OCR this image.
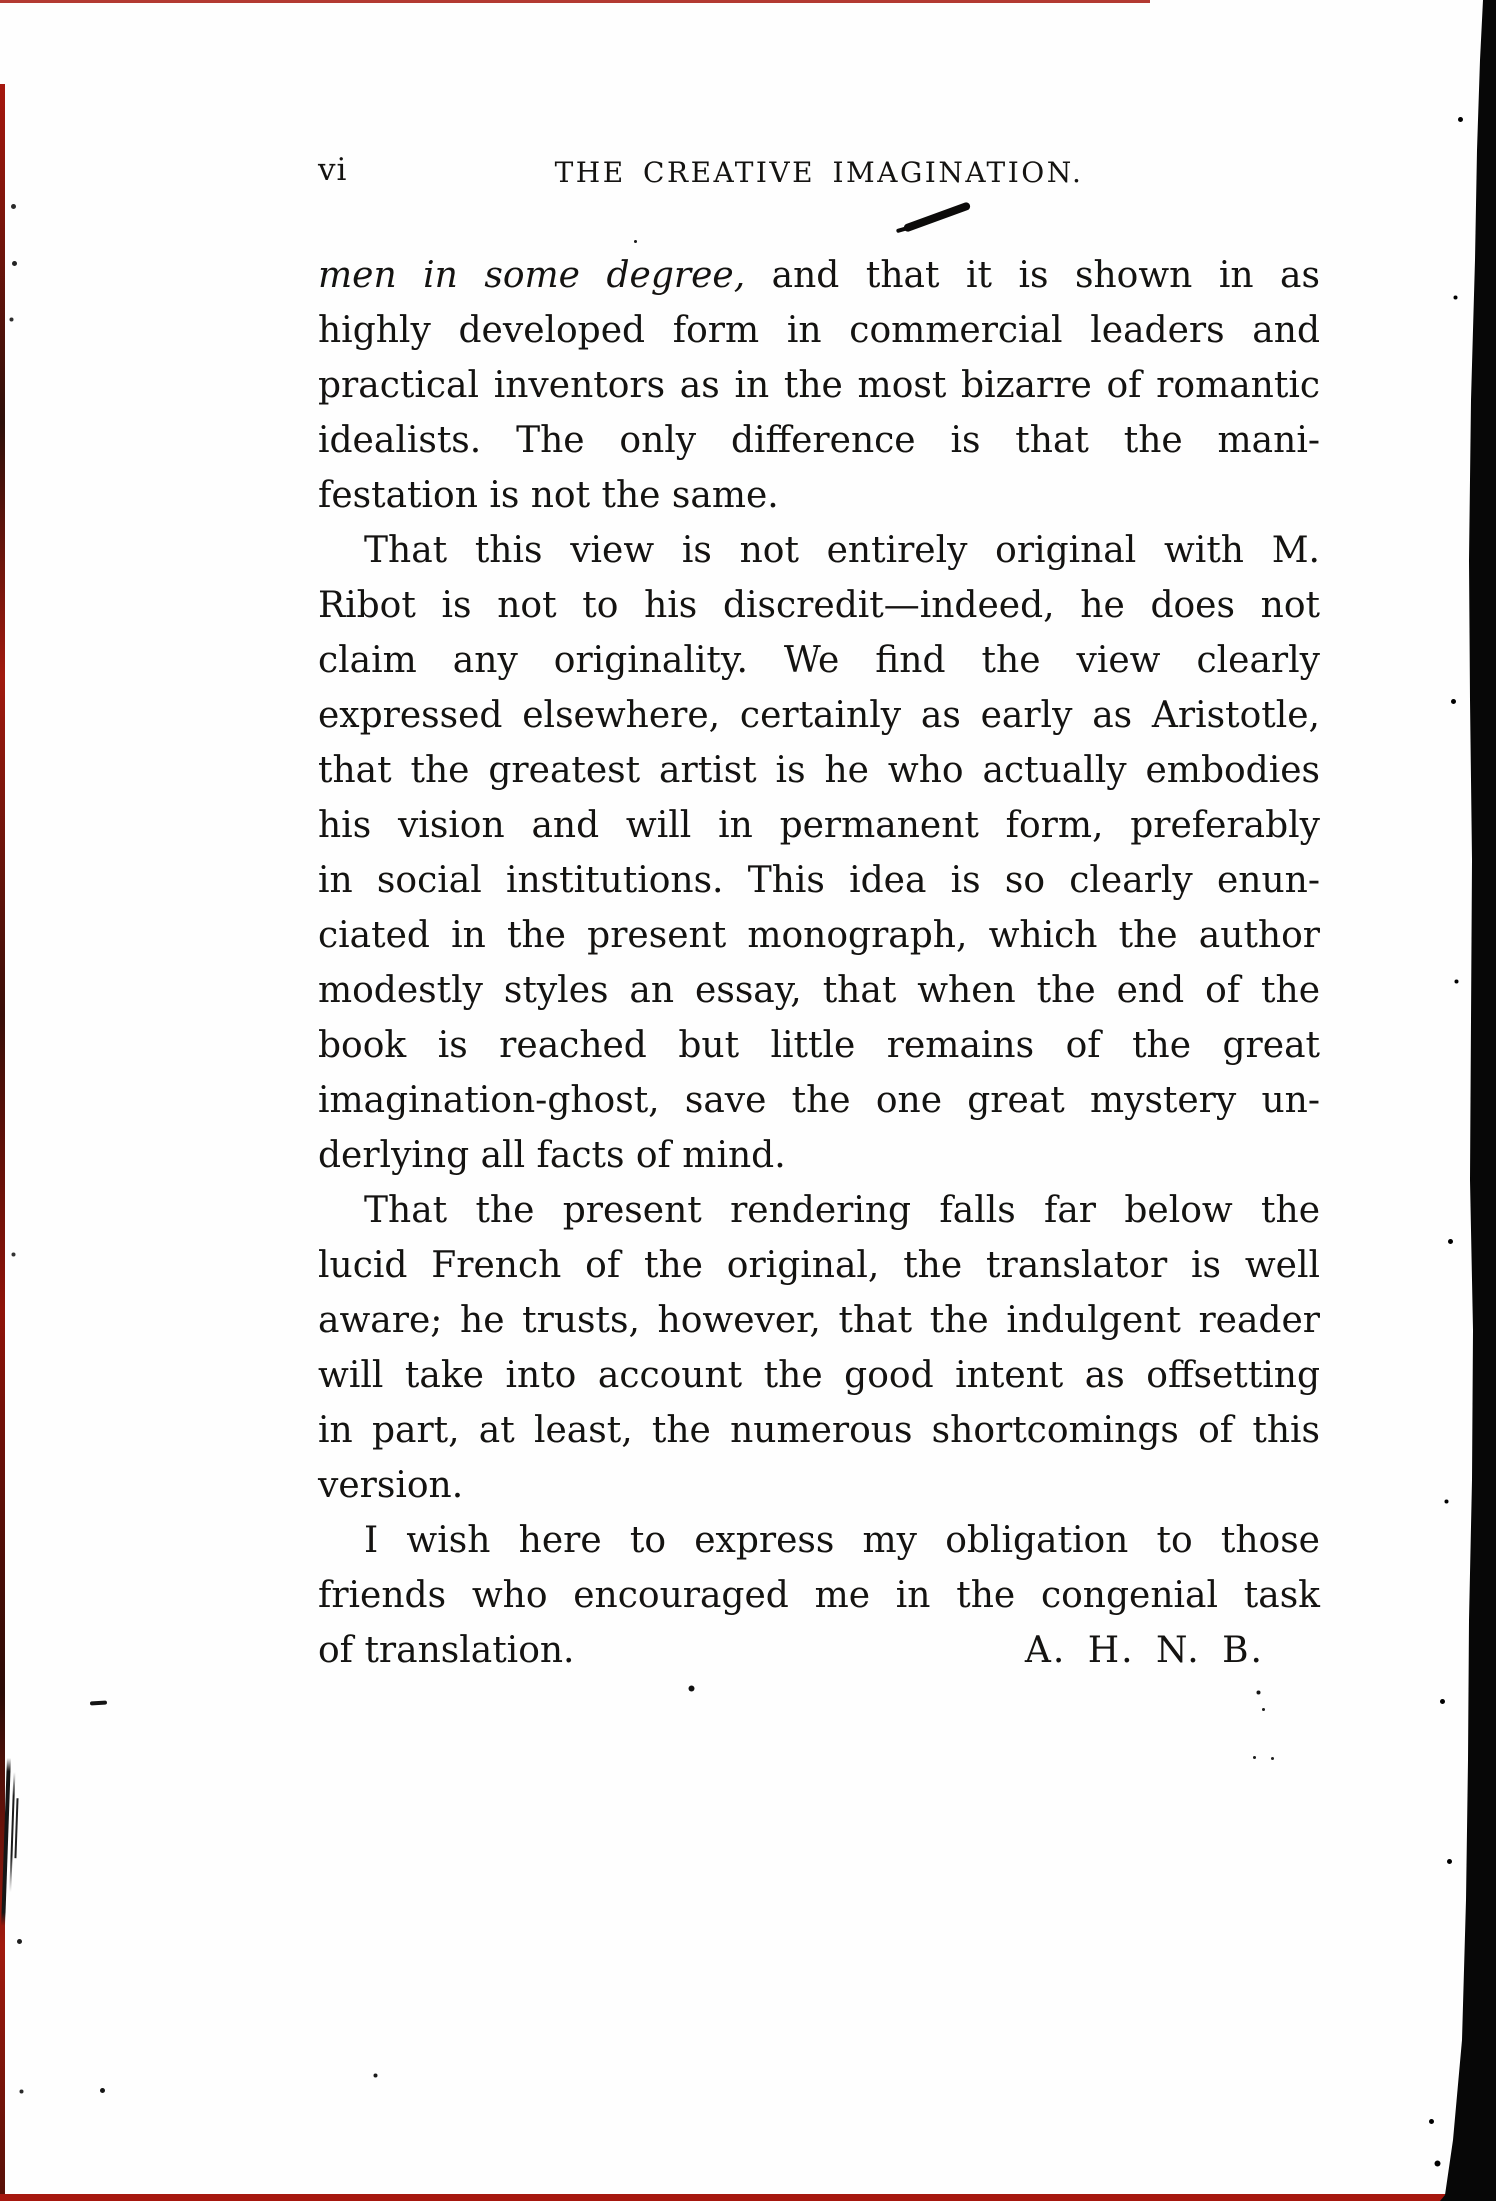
vi	THE CREATIVE IMAGINATION.
men in some degree, and that it is shown in as
highly developed form in commercial leaders and
practical inventors as in the most bizarre of romantic
idealists. The only difference is that the mani-
festation is not the same.
That this view is not entirely original with M.
Ribot is not to his discredit—indeed, he does not
claim any originality. We find the view clearly
expressed elsewhere, certainly as early as Aristotle,
that the greatest artist is he who actually embodies
his vision and will in permanent form, preferably
in social institutions. This idea is so clearly enun-
ciated in the present monograph, which the author
modestly styles an essay, that when the end of the
book is reached but little remains of the great
imagination-ghost, save the one great mystery un-
derlying all facts of mind.
That the present rendering falls far below the
lucid French of the original, the translator is well
aware; he trusts, however, that the indulgent reader
will take into account the good intent as offsetting
in part, at least, the numerous shortcomings of this
version.
I wish here to express my obligation to those
friends who encouraged me in the congenial task
of translation.	A. H. N. B.
